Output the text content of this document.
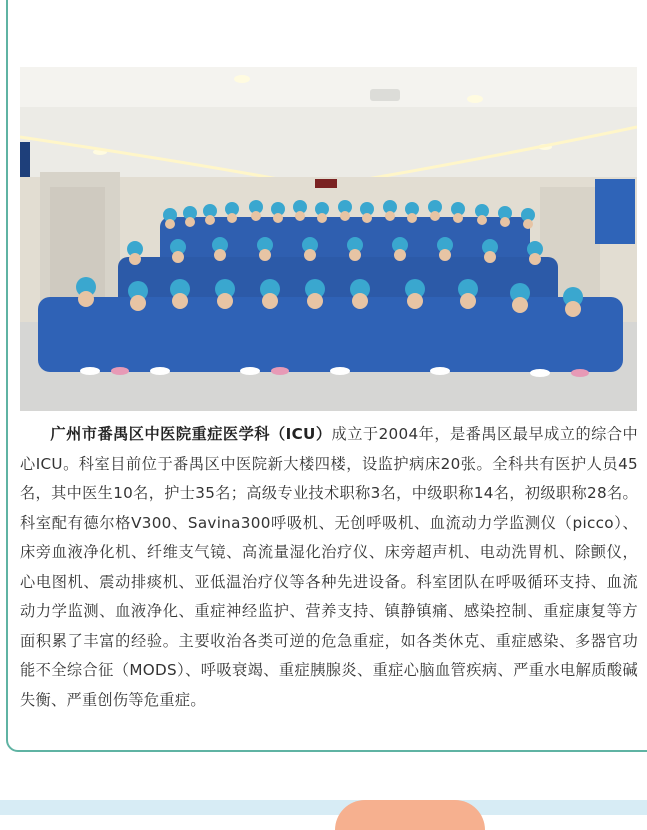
广州市番禺区中医院重症医学科（ICU）成立于2004年，是番禺区最早成立的综合中心ICU。科室目前位于番禺区中医院新大楼四楼，设监护病床20张。全科共有医护人员45名，其中医生10名，护士35名；高级专业技术职称3名，中级职称14名，初级职称28名。科室配有德尔格V300、Savina300呼吸机、无创呼吸机、血流动力学监测仪（picco）、床旁血液净化机、纤维支气镜、高流量湿化治疗仪、床旁超声机、电动洗胃机、除颤仪，心电图机、震动排痰机、亚低温治疗仪等各种先进设备。科室团队在呼吸循环支持、血流动力学监测、血液净化、重症神经监护、营养支持、镇静镇痛、感染控制、重症康复等方面积累了丰富的经验。主要收治各类可逆的危急重症，如各类休克、重症感染、多器官功能不全综合征（MODS）、呼吸衰竭、重症胰腺炎、重症心脑血管疾病、严重水电解质酸碱失衡、严重创伤等危重症。
